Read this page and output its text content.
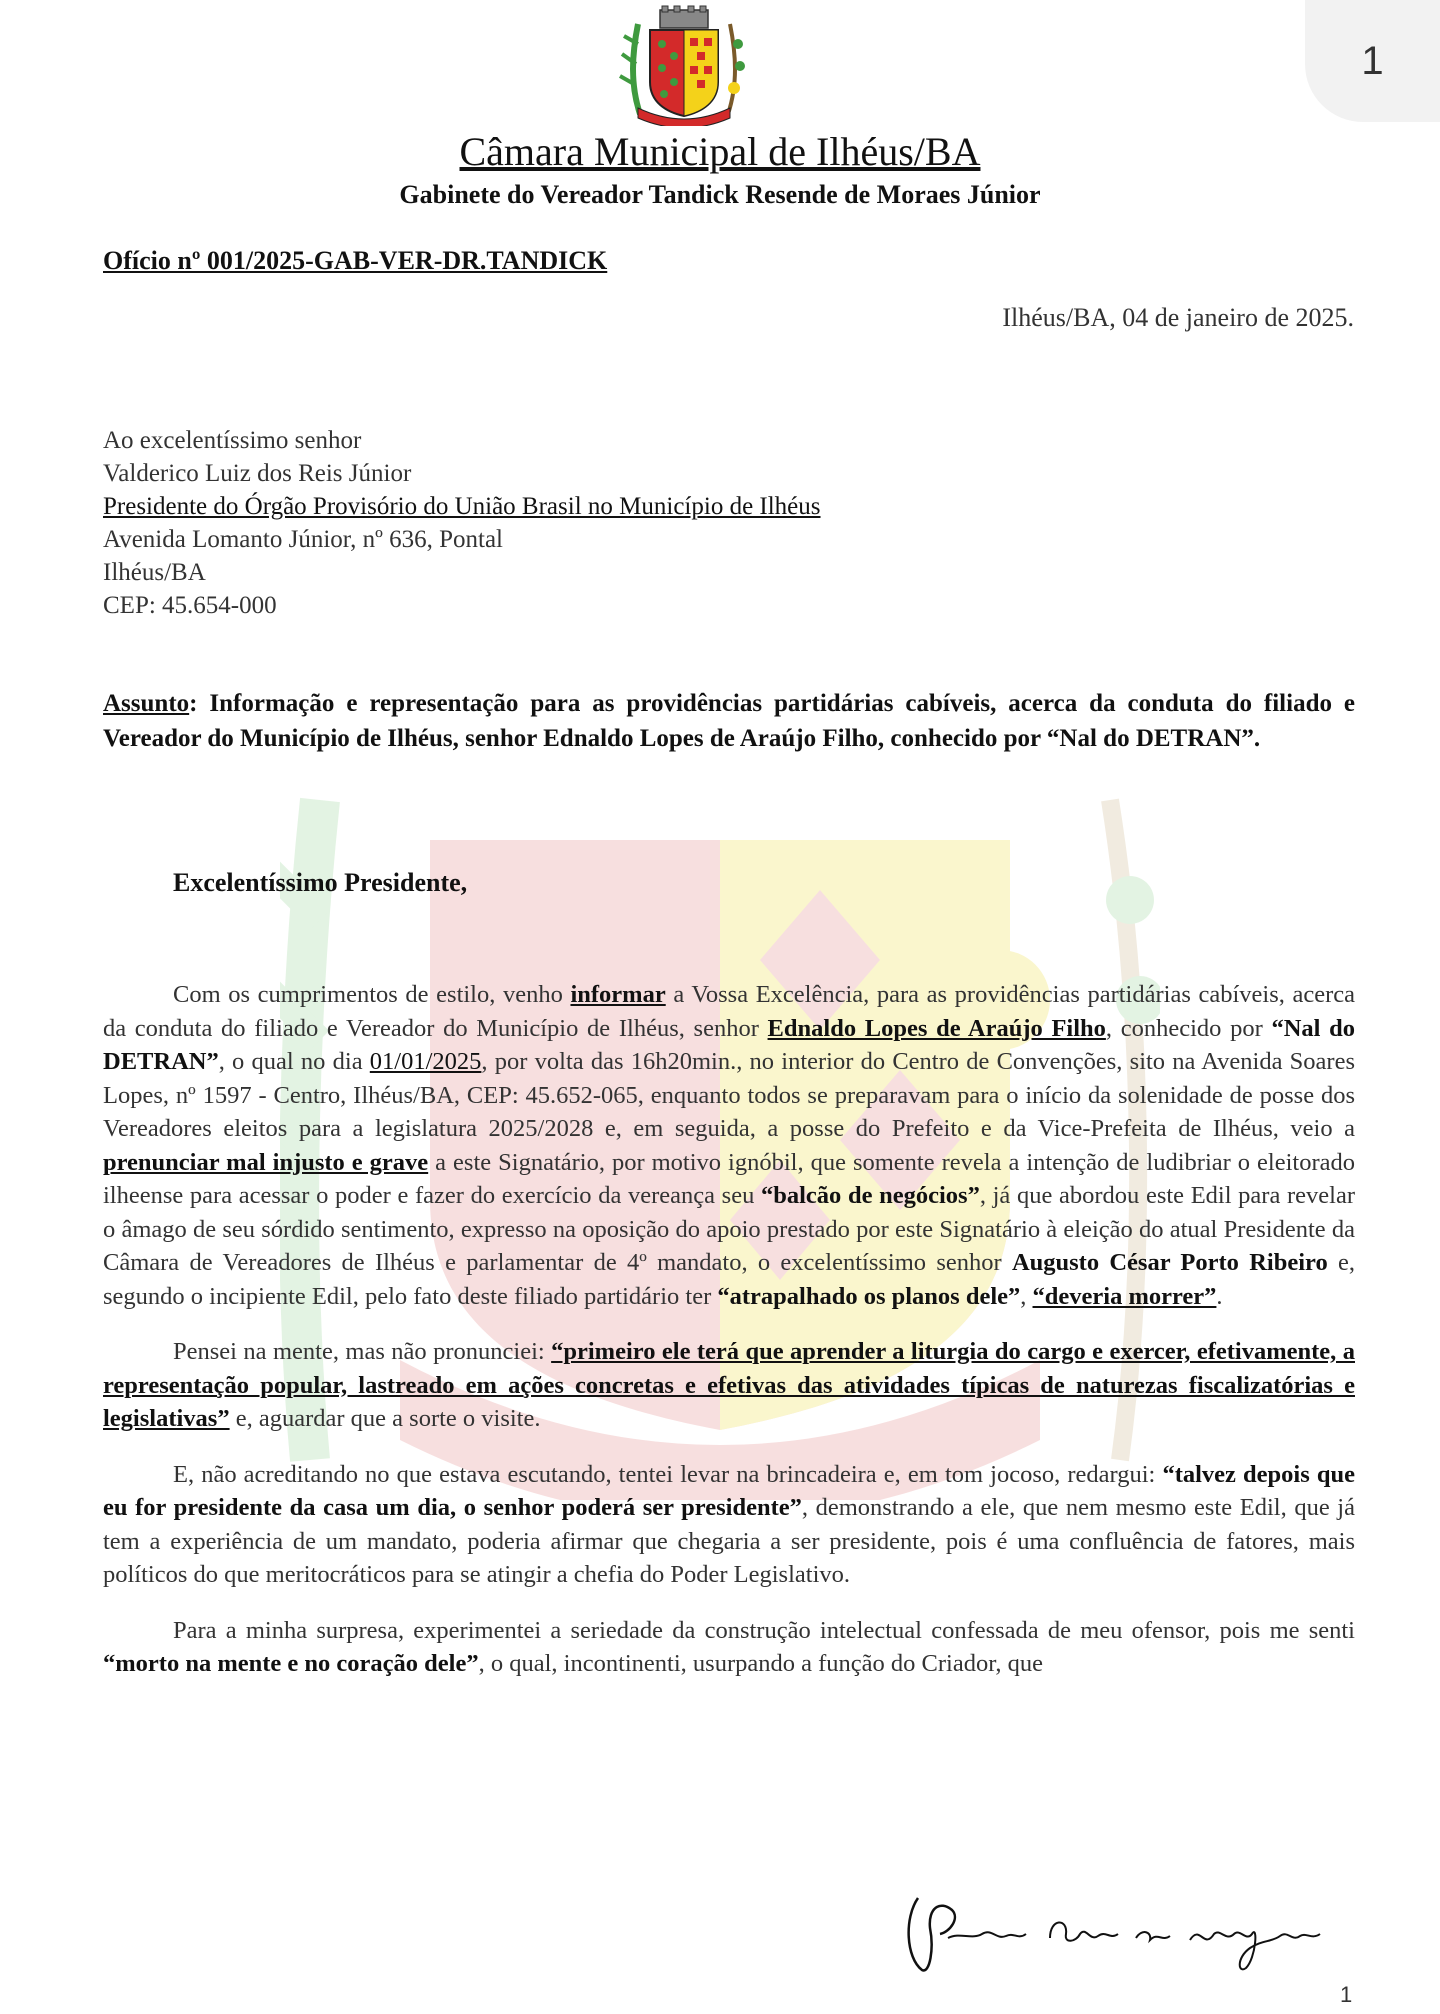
1
Câmara Municipal de Ilhéus/BA
Gabinete do Vereador Tandick Resende de Moraes Júnior
Ofício nº 001/2025-GAB-VER-DR.TANDICK
Ilhéus/BA, 04 de janeiro de 2025.
Ao excelentíssimo senhor
Valderico Luiz dos Reis Júnior
Presidente do Órgão Provisório do União Brasil no Município de Ilhéus
Avenida Lomanto Júnior, nº 636, Pontal
Ilhéus/BA
CEP: 45.654-000
Assunto: Informação e representação para as providências partidárias cabíveis, acerca da conduta do filiado e Vereador do Município de Ilhéus, senhor Ednaldo Lopes de Araújo Filho, conhecido por “Nal do DETRAN”.
Excelentíssimo Presidente,

Com os cumprimentos de estilo, venho informar a Vossa Excelência, para as providências partidárias cabíveis, acerca da conduta do filiado e Vereador do Município de Ilhéus, senhor Ednaldo Lopes de Araújo Filho, conhecido por “Nal do DETRAN”, o qual no dia 01/01/2025, por volta das 16h20min., no interior do Centro de Convenções, sito na Avenida Soares Lopes, nº 1597 - Centro, Ilhéus/BA, CEP: 45.652-065, enquanto todos se preparavam para o início da solenidade de posse dos Vereadores eleitos para a legislatura 2025/2028 e, em seguida, a posse do Prefeito e da Vice-Prefeita de Ilhéus, veio a prenunciar mal injusto e grave a este Signatário, por motivo ignóbil, que somente revela a intenção de ludibriar o eleitorado ilheense para acessar o poder e fazer do exercício da vereança seu “balcão de negócios”, já que abordou este Edil para revelar o âmago de seu sórdido sentimento, expresso na oposição do apoio prestado por este Signatário à eleição do atual Presidente da Câmara de Vereadores de Ilhéus e parlamentar de 4º mandato, o excelentíssimo senhor Augusto César Porto Ribeiro e, segundo o incipiente Edil, pelo fato deste filiado partidário ter “atrapalhado os planos dele”, “deveria morrer”.

Pensei na mente, mas não pronunciei: “primeiro ele terá que aprender a liturgia do cargo e exercer, efetivamente, a representação popular, lastreado em ações concretas e efetivas das atividades típicas de naturezas fiscalizatórias e legislativas” e, aguardar que a sorte o visite.

E, não acreditando no que estava escutando, tentei levar na brincadeira e, em tom jocoso, redargui: “talvez depois que eu for presidente da casa um dia, o senhor poderá ser presidente”, demonstrando a ele, que nem mesmo este Edil, que já tem a experiência de um mandato, poderia afirmar que chegaria a ser presidente, pois é uma confluência de fatores, mais políticos do que meritocráticos para se atingir a chefia do Poder Legislativo.

Para a minha surpresa, experimentei a seriedade da construção intelectual confessada de meu ofensor, pois me senti “morto na mente e no coração dele”, o qual, incontinenti, usurpando a função do Criador, que

1
